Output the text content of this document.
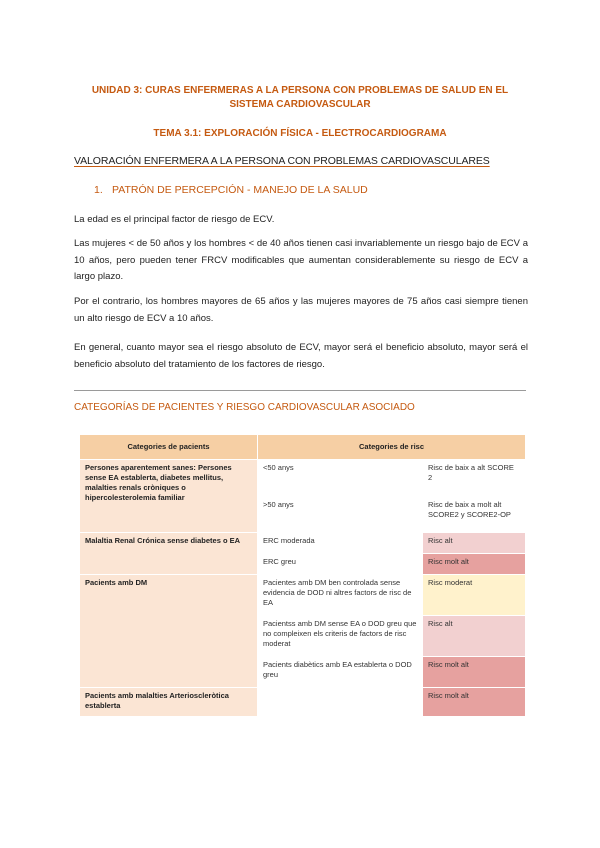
UNIDAD 3: CURAS ENFERMERAS A LA PERSONA CON PROBLEMAS DE SALUD EN EL SISTEMA CARDIOVASCULAR
TEMA 3.1: EXPLORACIÓN FÍSICA - ELECTROCARDIOGRAMA
VALORACIÓN ENFERMERA A LA PERSONA CON PROBLEMAS CARDIOVASCULARES
1. PATRÓN DE PERCEPCIÓN - MANEJO DE LA SALUD
La edad es el principal factor de riesgo de ECV.
Las mujeres < de 50 años y los hombres < de 40 años tienen casi invariablemente un riesgo bajo de ECV a 10 años, pero pueden tener FRCV modificables que aumentan considerablemente su riesgo de ECV a largo plazo.
Por el contrario, los hombres mayores de 65 años y las mujeres mayores de 75 años casi siempre tienen un alto riesgo de ECV a 10 años.
En general, cuanto mayor sea el riesgo absoluto de ECV, mayor será el beneficio absoluto, mayor será el beneficio absoluto del tratamiento de los factores de riesgo.
CATEGORÍAS DE PACIENTES Y RIESGO CARDIOVASCULAR ASOCIADO
Categories de pacients	Categories de risc	
Persones aparentement sanes: Persones sense EA establerta, diabetes mellitus, malalties renals cròniques o hipercolesterolemia familiar	<50 anys	Risc de baix a alt SCORE 2
	>50 anys	Risc de baix a molt alt SCORE2 y SCORE2-OP
Malaltia Renal Crónica sense diabetes o EA	ERC moderada	Risc alt
	ERC greu	Risc molt alt
Pacients amb DM	Pacientes amb DM ben controlada sense evidencia de DOD ni altres factors de risc de EA	Risc moderat
	Pacientss amb DM sense EA o DOD greu que no compleixen els criteris de factors de risc moderat	Risc alt
	Pacients diabètics amb EA establerta o DOD greu	Risc molt alt
Pacients amb malalties Arterioscleròtica establerta		Risc molt alt
